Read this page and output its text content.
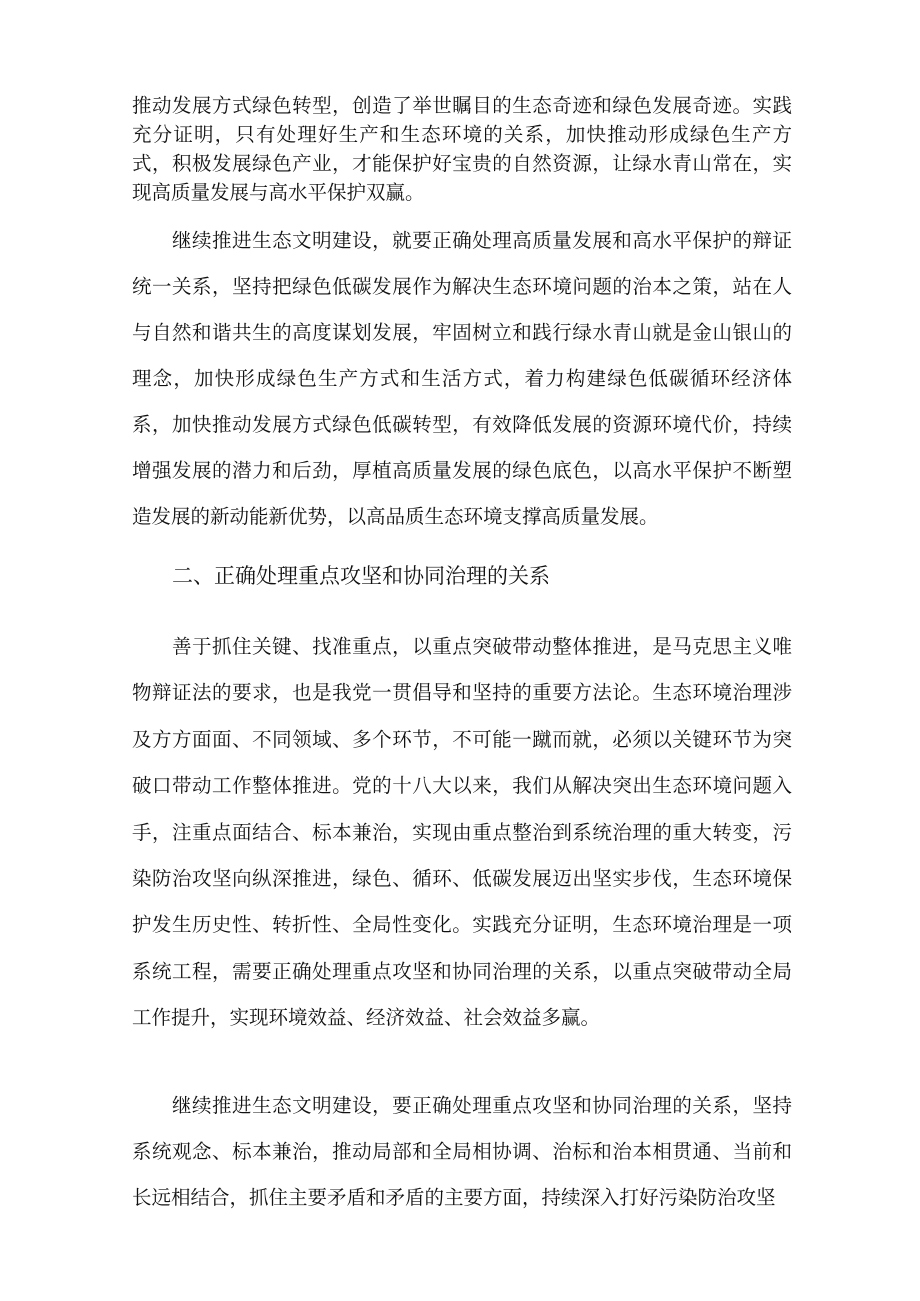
推动发展方式绿色转型，创造了举世瞩目的生态奇迹和绿色发展奇迹。实践充分证明，只有处理好生产和生态环境的关系，加快推动形成绿色生产方式，积极发展绿色产业，才能保护好宝贵的自然资源，让绿水青山常在，实现高质量发展与高水平保护双赢。

继续推进生态文明建设，就要正确处理高质量发展和高水平保护的辩证统一关系，坚持把绿色低碳发展作为解决生态环境问题的治本之策，站在人与自然和谐共生的高度谋划发展，牢固树立和践行绿水青山就是金山银山的理念，加快形成绿色生产方式和生活方式，着力构建绿色低碳循环经济体系，加快推动发展方式绿色低碳转型，有效降低发展的资源环境代价，持续增强发展的潜力和后劲，厚植高质量发展的绿色底色，以高水平保护不断塑造发展的新动能新优势，以高品质生态环境支撑高质量发展。

二、正确处理重点攻坚和协同治理的关系

善于抓住关键、找准重点，以重点突破带动整体推进，是马克思主义唯物辩证法的要求，也是我党一贯倡导和坚持的重要方法论。生态环境治理涉及方方面面、不同领域、多个环节，不可能一蹴而就，必须以关键环节为突破口带动工作整体推进。党的十八大以来，我们从解决突出生态环境问题入手，注重点面结合、标本兼治，实现由重点整治到系统治理的重大转变，污染防治攻坚向纵深推进，绿色、循环、低碳发展迈出坚实步伐，生态环境保护发生历史性、转折性、全局性变化。实践充分证明，生态环境治理是一项系统工程，需要正确处理重点攻坚和协同治理的关系，以重点突破带动全局工作提升，实现环境效益、经济效益、社会效益多赢。

继续推进生态文明建设，要正确处理重点攻坚和协同治理的关系，坚持系统观念、标本兼治，推动局部和全局相协调、治标和治本相贯通、当前和长远相结合，抓住主要矛盾和矛盾的主要方面，持续深入打好污染防治攻坚
